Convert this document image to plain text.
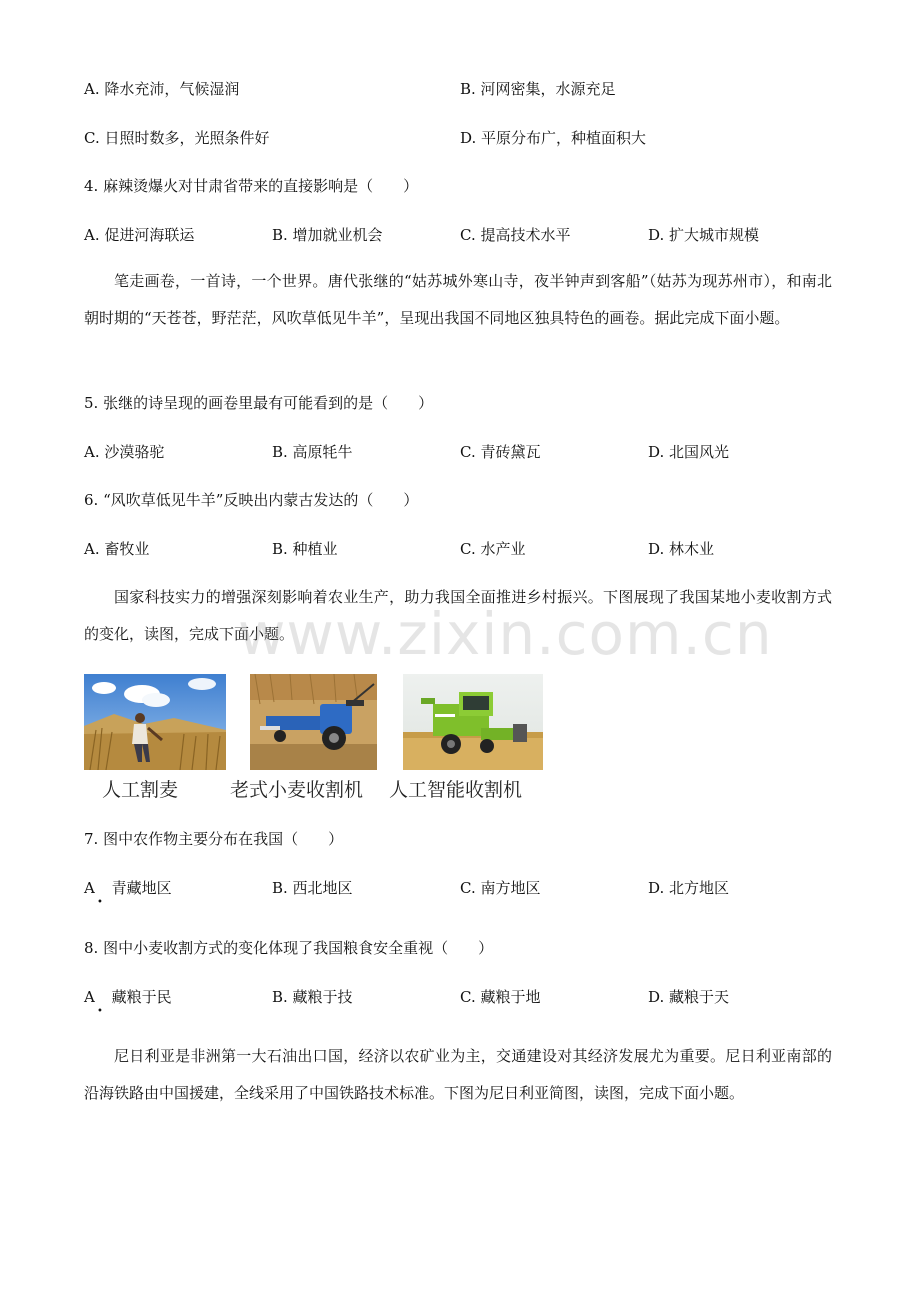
A. 降水充沛，气候湿润	B. 河网密集，水源充足
C. 日照时数多，光照条件好	D. 平原分布广，种植面积大
4. 麻辣烫爆火对甘肃省带来的直接影响是（　　）
A. 促进河海联运	B. 增加就业机会	C. 提高技术水平	D. 扩大城市规模

笔走画卷，一首诗，一个世界。唐代张继的“姑苏城外寒山寺，夜半钟声到客船”（姑苏为现苏州市），和南北朝时期的“天苍苍，野茫茫，风吹草低见牛羊”，呈现出我国不同地区独具特色的画卷。据此完成下面小题。

5. 张继的诗呈现的画卷里最有可能看到的是（　　）
A. 沙漠骆驼	B. 高原牦牛	C. 青砖黛瓦	D. 北国风光
6. “风吹草低见牛羊”反映出内蒙古发达的（　　）
A. 畜牧业	B. 种植业	C. 水产业	D. 林木业

国家科技实力的增强深刻影响着农业生产，助力我国全面推进乡村振兴。下图展现了我国某地小麦收割方式的变化，读图，完成下面小题。

www.zixin.com.cn
人工割麦	老式小麦收割机 人工智能收割机
7. 图中农作物主要分布在我国（　　）
A 青藏地区
•
B. 西北地区	C. 南方地区	D. 北方地区
8. 图中小麦收割方式的变化体现了我国粮食安全重视（　　）
A 藏粮于民
•
B. 藏粮于技	C. 藏粮于地	D. 藏粮于天

尼日利亚是非洲第一大石油出口国，经济以农矿业为主，交通建设对其经济发展尤为重要。尼日利亚南部的沿海铁路由中国援建，全线采用了中国铁路技术标准。下图为尼日利亚简图，读图，完成下面小题。
